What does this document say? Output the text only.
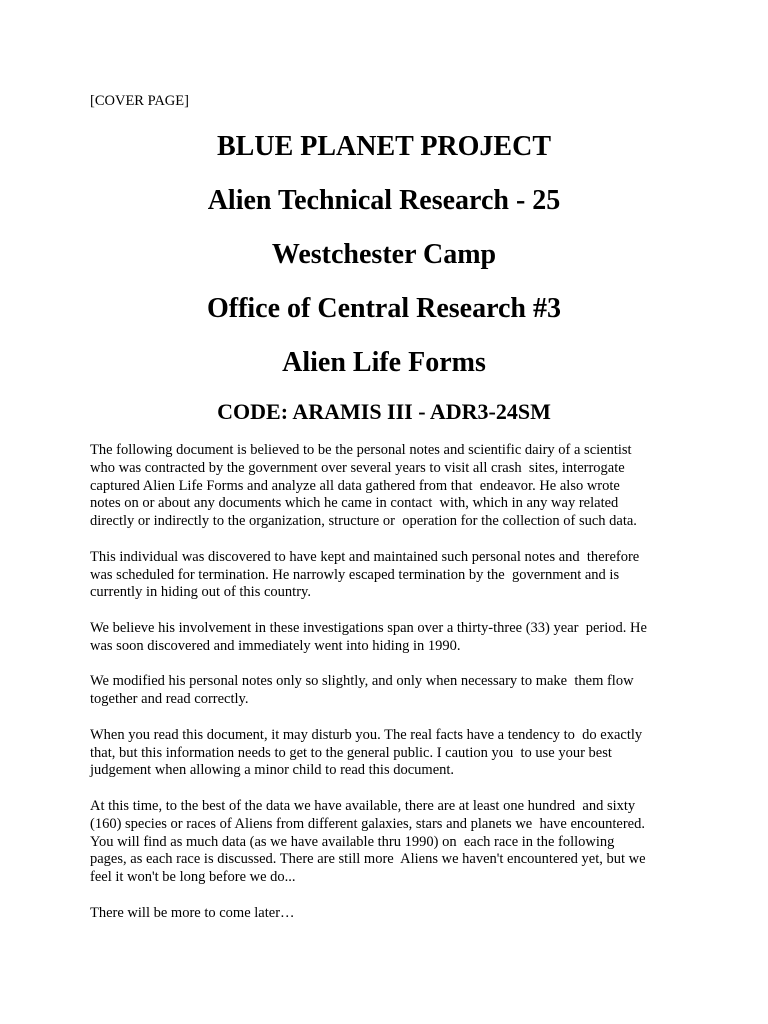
[COVER PAGE]

BLUE PLANET PROJECT
Alien Technical Research - 25
Westchester Camp
Office of Central Research #3
Alien Life Forms
CODE: ARAMIS III - ADR3-24SM

The following document is believed to be the personal notes and scientific dairy of a scientist
who was contracted by the government over several years to visit all crash  sites, interrogate
captured Alien Life Forms and analyze all data gathered from that  endeavor. He also wrote
notes on or about any documents which he came in contact  with, which in any way related
directly or indirectly to the organization, structure or  operation for the collection of such data.

This individual was discovered to have kept and maintained such personal notes and  therefore
was scheduled for termination. He narrowly escaped termination by the  government and is
currently in hiding out of this country.

We believe his involvement in these investigations span over a thirty-three (33) year  period. He
was soon discovered and immediately went into hiding in 1990.

We modified his personal notes only so slightly, and only when necessary to make  them flow
together and read correctly.

When you read this document, it may disturb you. The real facts have a tendency to  do exactly
that, but this information needs to get to the general public. I caution you  to use your best
judgement when allowing a minor child to read this document.

At this time, to the best of the data we have available, there are at least one hundred  and sixty
(160) species or races of Aliens from different galaxies, stars and planets we  have encountered.
You will find as much data (as we have available thru 1990) on  each race in the following
pages, as each race is discussed. There are still more  Aliens we haven't encountered yet, but we
feel it won't be long before we do...

There will be more to come later…
